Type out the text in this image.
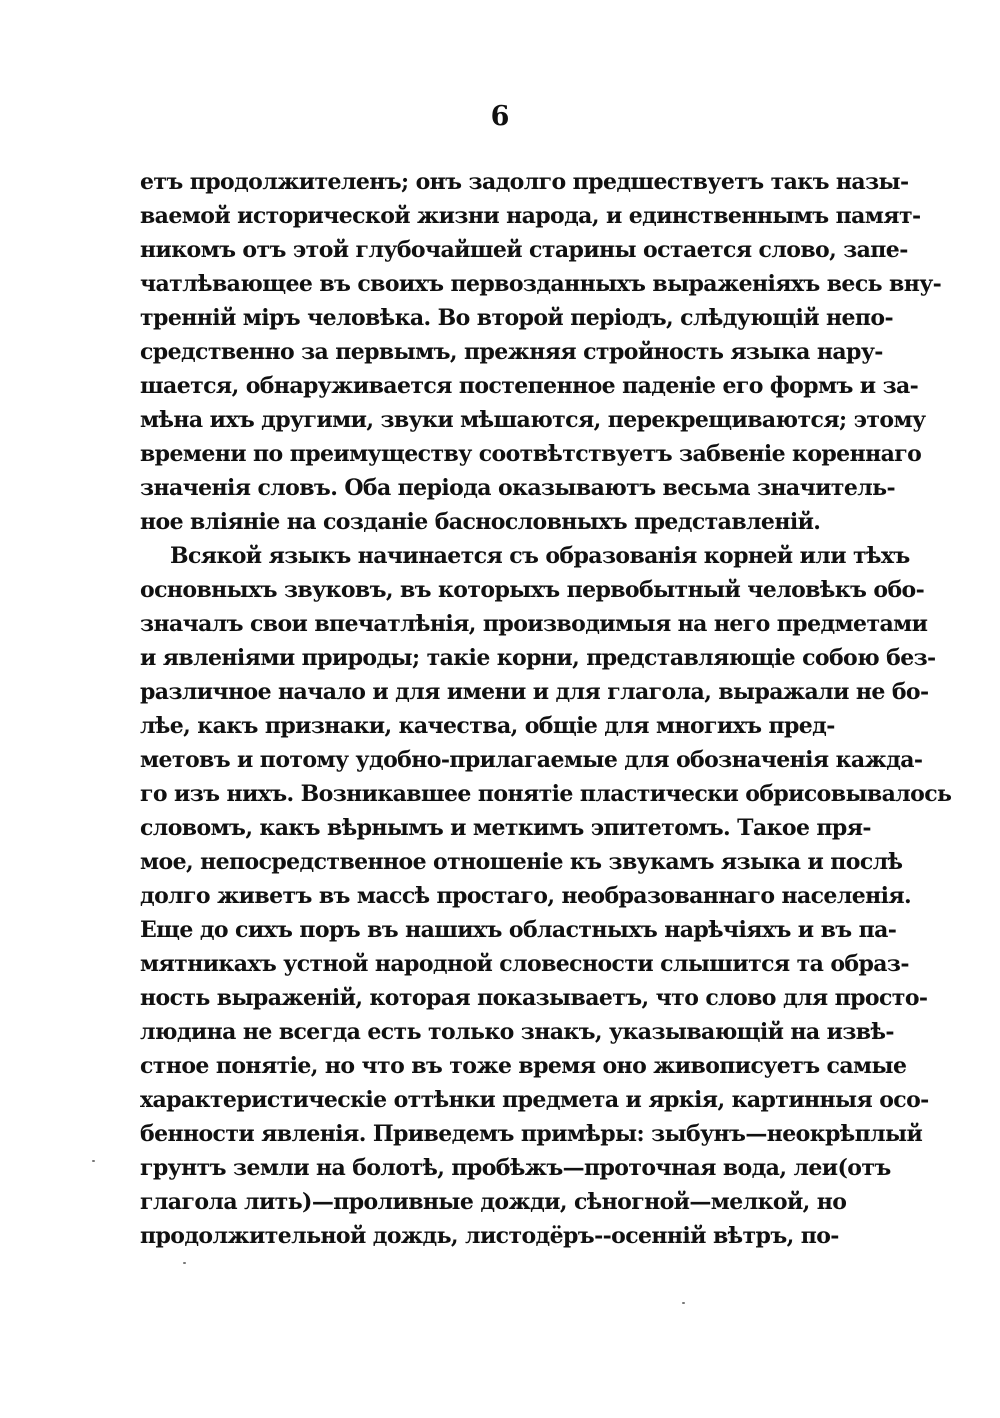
6
етъ продолжителенъ; онъ задолго предшествуетъ такъ назы-
ваемой исторической жизни народа, и единственнымъ памят-
никомъ отъ этой глубочайшей старины остается слово, запе-
чатлѣвающее въ своихъ первозданныхъ выраженіяхъ весь вну-
тренній міръ человѣка. Во второй періодъ, слѣдующій непо-
средственно за первымъ, прежняя стройность языка нару-
шается, обнаруживается постепенное паденіе его формъ и за-
мѣна ихъ другими, звуки мѣшаются, перекрещиваются; этому
времени по преимуществу соотвѣтствуетъ забвеніе кореннаго
значенія словъ. Оба періода оказываютъ весьма значитель-
ное вліяніе на созданіе баснословныхъ представленій.
Всякой языкъ начинается съ образованія корней или тѣхъ
основныхъ звуковъ, въ которыхъ первобытный человѣкъ обо-
значалъ свои впечатлѣнія, производимыя на него предметами
и явленіями природы; такіе корни, представляющіе собою без-
различное начало и для имени и для глагола, выражали не бо-
лѣе, какъ признаки, качества, общіе для многихъ пред-
метовъ и потому удобно-прилагаемые для обозначенія кажда-
го изъ нихъ. Возникавшее понятіе пластически обрисовывалось
словомъ, какъ вѣрнымъ и меткимъ эпитетомъ. Такое пря-
мое, непосредственное отношеніе къ звукамъ языка и послѣ
долго живетъ въ массѣ простаго, необразованнаго населенія.
Еще до сихъ поръ въ нашихъ областныхъ нарѣчіяхъ и въ па-
мятникахъ устной народной словесности слышится та образ-
ность выраженій, которая показываетъ, что слово для просто-
людина не всегда есть только знакъ, указывающій на извѣ-
стное понятіе, но что въ тоже время оно живописуетъ самые
характеристическіе оттѣнки предмета и яркія, картинныя осо-
бенности явленія. Приведемъ примѣры: зыбунъ—неокрѣплый
грунтъ земли на болотѣ, пробѣжъ—проточная вода, леи(отъ
глагола лить)—проливные дожди, сѣногной—мелкой, но
продолжительной дождь, листодёръ--осенній вѣтръ, по-
